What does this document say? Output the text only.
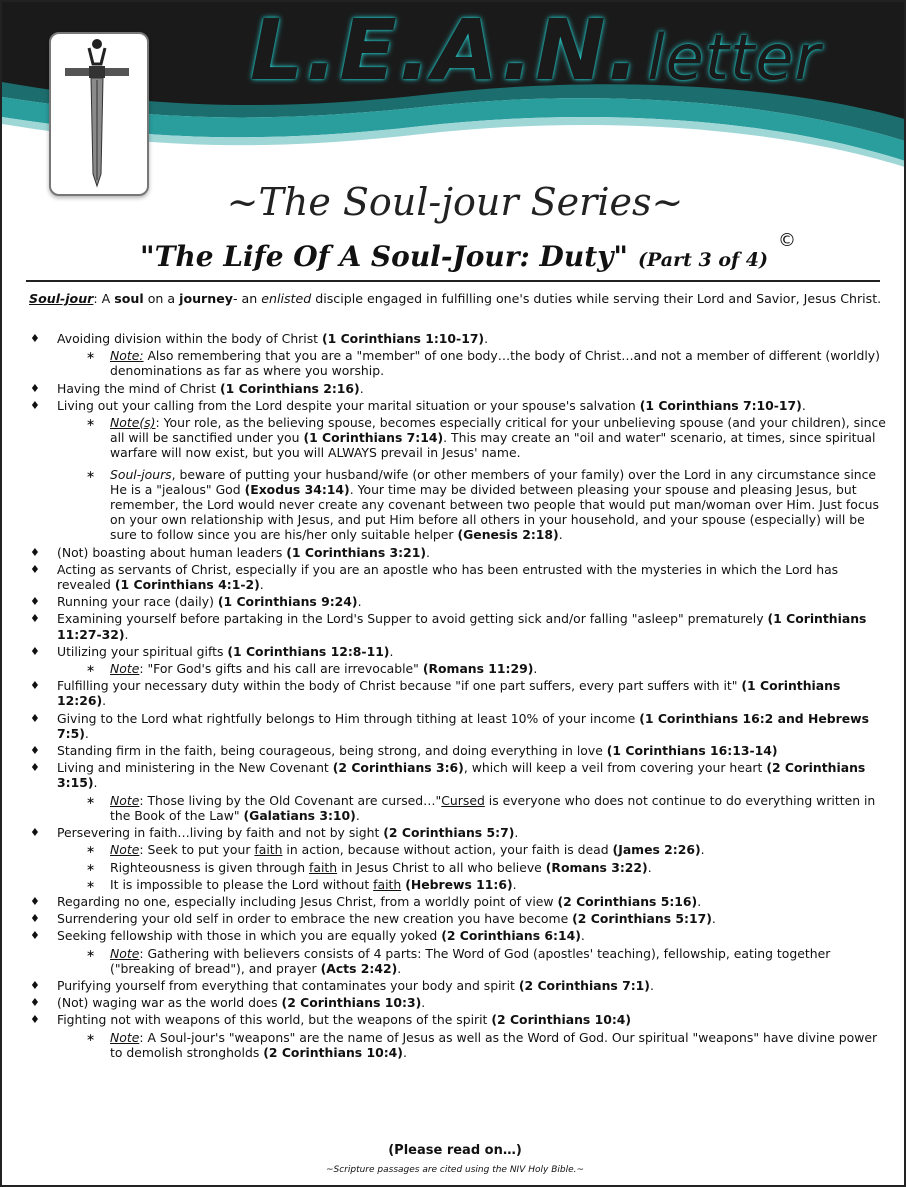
L.E.A.N.letter
~The Soul-jour Series~
"The Life Of A Soul-Jour: Duty" (Part 3 of 4)
©
Soul-jour: A soul on a journey- an enlisted disciple engaged in fulfilling one's duties while serving their Lord and Savior, Jesus Christ.
♦ Avoiding division within the body of Christ (1 Corinthians 1:10-17).
∗ Note: Also remembering that you are a "member" of one body…the body of Christ…and not a member of different (worldly) denominations as far as where you worship.
♦ Having the mind of Christ (1 Corinthians 2:16).
♦ Living out your calling from the Lord despite your marital situation or your spouse's salvation (1 Corinthians 7:10-17).
∗ Note(s): Your role, as the believing spouse, becomes especially critical for your unbelieving spouse (and your children), since all will be sanctified under you (1 Corinthians 7:14). This may create an "oil and water" scenario, at times, since spiritual warfare will now exist, but you will ALWAYS prevail in Jesus' name.
∗ Soul-jours, beware of putting your husband/wife (or other members of your family) over the Lord in any circumstance since He is a "jealous" God (Exodus 34:14). Your time may be divided between pleasing your spouse and pleasing Jesus, but remember, the Lord would never create any covenant between two people that would put man/woman over Him. Just focus on your own relationship with Jesus, and put Him before all others in your household, and your spouse (especially) will be sure to follow since you are his/her only suitable helper (Genesis 2:18).
♦ (Not) boasting about human leaders (1 Corinthians 3:21).
♦ Acting as servants of Christ, especially if you are an apostle who has been entrusted with the mysteries in which the Lord has revealed (1 Corinthians 4:1-2).
♦ Running your race (daily) (1 Corinthians 9:24).
♦ Examining yourself before partaking in the Lord's Supper to avoid getting sick and/or falling "asleep" prematurely (1 Corinthians 11:27-32).
♦ Utilizing your spiritual gifts (1 Corinthians 12:8-11).
∗ Note: "For God's gifts and his call are irrevocable" (Romans 11:29).
♦ Fulfilling your necessary duty within the body of Christ because "if one part suffers, every part suffers with it" (1 Corinthians 12:26).
♦ Giving to the Lord what rightfully belongs to Him through tithing at least 10% of your income (1 Corinthians 16:2 and Hebrews 7:5).
♦ Standing firm in the faith, being courageous, being strong, and doing everything in love (1 Corinthians 16:13-14)
♦ Living and ministering in the New Covenant (2 Corinthians 3:6), which will keep a veil from covering your heart (2 Corinthians 3:15).
∗ Note: Those living by the Old Covenant are cursed…"Cursed is everyone who does not continue to do everything written in the Book of the Law" (Galatians 3:10).
♦ Persevering in faith…living by faith and not by sight (2 Corinthians 5:7).
∗ Note: Seek to put your faith in action, because without action, your faith is dead (James 2:26).
∗ Righteousness is given through faith in Jesus Christ to all who believe (Romans 3:22).
∗ It is impossible to please the Lord without faith (Hebrews 11:6).
♦ Regarding no one, especially including Jesus Christ, from a worldly point of view (2 Corinthians 5:16).
♦ Surrendering your old self in order to embrace the new creation you have become (2 Corinthians 5:17).
♦ Seeking fellowship with those in which you are equally yoked (2 Corinthians 6:14).
∗ Note: Gathering with believers consists of 4 parts: The Word of God (apostles' teaching), fellowship, eating together ("breaking of bread"), and prayer (Acts 2:42).
♦ Purifying yourself from everything that contaminates your body and spirit (2 Corinthians 7:1).
♦ (Not) waging war as the world does (2 Corinthians 10:3).
♦ Fighting not with weapons of this world, but the weapons of the spirit (2 Corinthians 10:4)
∗ Note: A Soul-jour's "weapons" are the name of Jesus as well as the Word of God. Our spiritual "weapons" have divine power to demolish strongholds (2 Corinthians 10:4).
(Please read on…)
~Scripture passages are cited using the NIV Holy Bible.~
